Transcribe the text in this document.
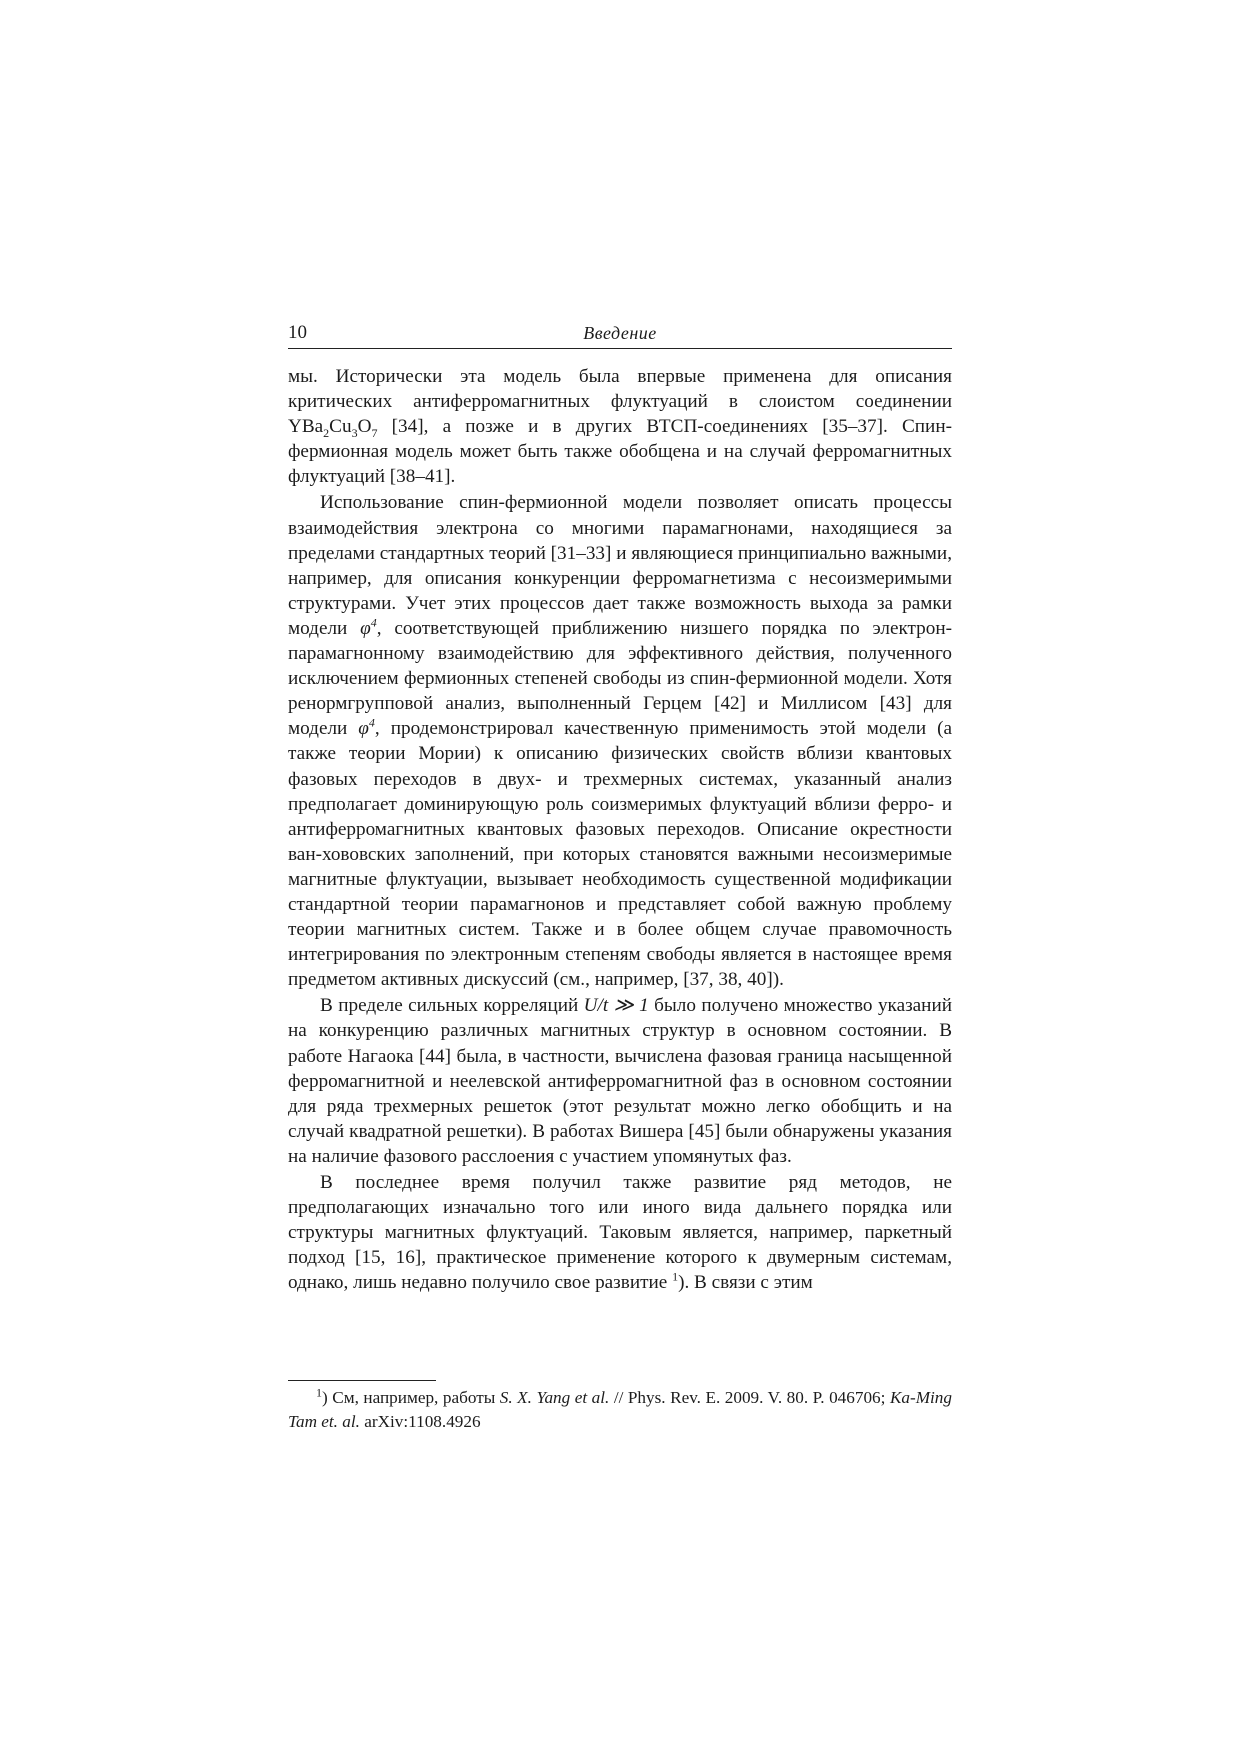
10	Введение

мы. Исторически эта модель была впервые применена для описания критических антиферромагнитных флуктуаций в слоистом соединении $YBa_2Cu_3O_7$ [34], а позже и в других ВТСП-соединениях [35–37]. Спин-фермионная модель может быть также обобщена и на случай ферромагнитных флуктуаций [38–41].

Использование спин-фермионной модели позволяет описать процессы взаимодействия электрона со многими парамагнонами, находящиеся за пределами стандартных теорий [31–33] и являющиеся принципиально важными, например, для описания конкуренции ферромагнетизма с несоизмеримыми структурами. Учет этих процессов дает также возможность выхода за рамки модели $\varphi^4$, соответствующей приближению низшего порядка по электрон-парамагнонному взаимодействию для эффективного действия, полученного исключением фермионных степеней свободы из спин-фермионной модели. Хотя ренормгрупповой анализ, выполненный Герцем [42] и Миллисом [43] для модели $\varphi^4$, продемонстрировал качественную применимость этой модели (а также теории Мории) к описанию физических свойств вблизи квантовых фазовых переходов в двух- и трехмерных системах, указанный анализ предполагает доминирующую роль соизмеримых флуктуаций вблизи ферро- и антиферромагнитных квантовых фазовых переходов. Описание окрестности ван-хововских заполнений, при которых становятся важными несоизмеримые магнитные флуктуации, вызывает необходимость существенной модификации стандартной теории парамагнонов и представляет собой важную проблему теории магнитных систем. Также и в более общем случае правомочность интегрирования по электронным степеням свободы является в настоящее время предметом активных дискуссий (см., например, [37, 38, 40]).

В пределе сильных корреляций U/t ≫ 1 было получено множество указаний на конкуренцию различных магнитных структур в основном состоянии. В работе Нагаока [44] была, в частности, вычислена фазовая граница насыщенной ферромагнитной и неелевской антиферромагнитной фаз в основном состоянии для ряда трехмерных решеток (этот результат можно легко обобщить и на случай квадратной решетки). В работах Вишера [45] были обнаружены указания на наличие фазового расслоения с участием упомянутых фаз.

В последнее время получил также развитие ряд методов, не предполагающих изначально того или иного вида дальнего порядка или структуры магнитных флуктуаций. Таковым является, например, паркетный подход [15, 16], практическое применение которого к двумерным системам, однако, лишь недавно получило свое развитие $^1$). В связи с этим

$^1$) См, например, работы S. X. Yang et al. // Phys. Rev. E. 2009. V. 80. P. 046706; Ka-Ming Tam et. al. arXiv:1108.4926
